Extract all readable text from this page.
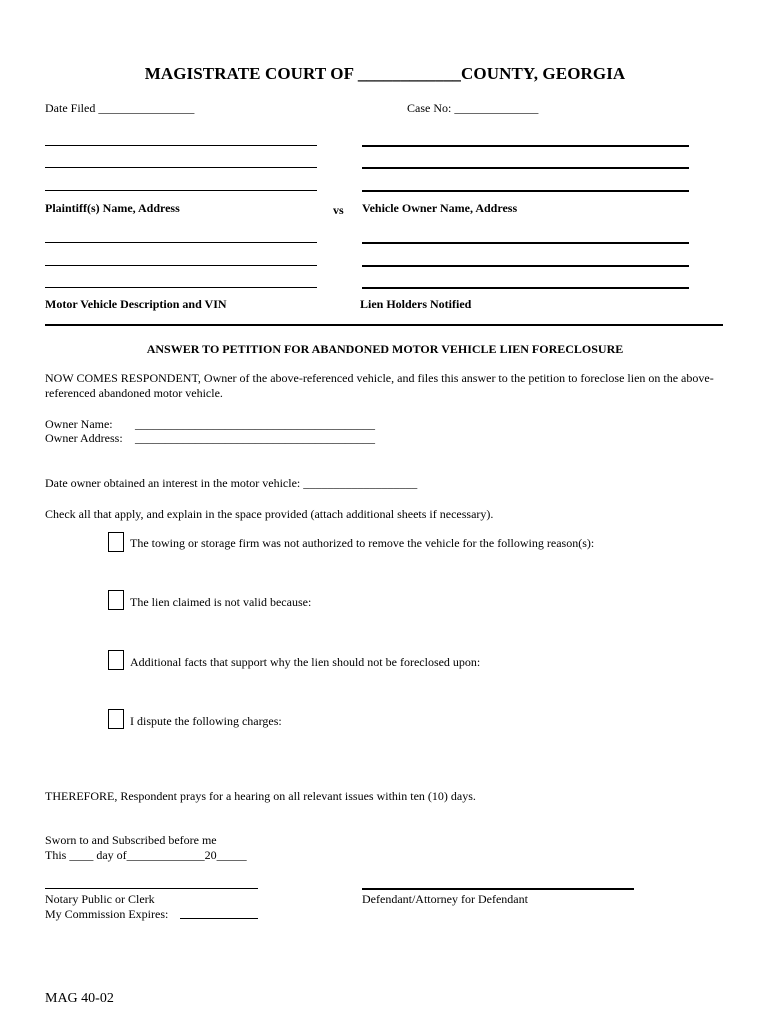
MAGISTRATE COURT OF ____________COUNTY, GEORGIA
Date Filed ________________	Case No: ______________
Plaintiff(s) Name, Address	vs Vehicle Owner Name, Address
Motor Vehicle Description and VIN	Lien Holders Notified
ANSWER TO PETITION FOR ABANDONED MOTOR VEHICLE LIEN FORECLOSURE
NOW COMES RESPONDENT, Owner of the above-referenced vehicle, and files this answer to the petition to foreclose lien on the above-referenced abandoned motor vehicle.
Owner Name: ________________________________________
Owner Address: ________________________________________
Date owner obtained an interest in the motor vehicle: ___________________
Check all that apply, and explain in the space provided (attach additional sheets if necessary).
The towing or storage firm was not authorized to remove the vehicle for the following reason(s):
The lien claimed is not valid because:
Additional facts that support why the lien should not be foreclosed upon:
I dispute the following charges:
THEREFORE, Respondent prays for a hearing on all relevant issues within ten (10) days.
Sworn to and Subscribed before me
This ____ day of_____________20_____
Notary Public or Clerk	Defendant/Attorney for Defendant
My Commission Expires:
MAG 40-02
